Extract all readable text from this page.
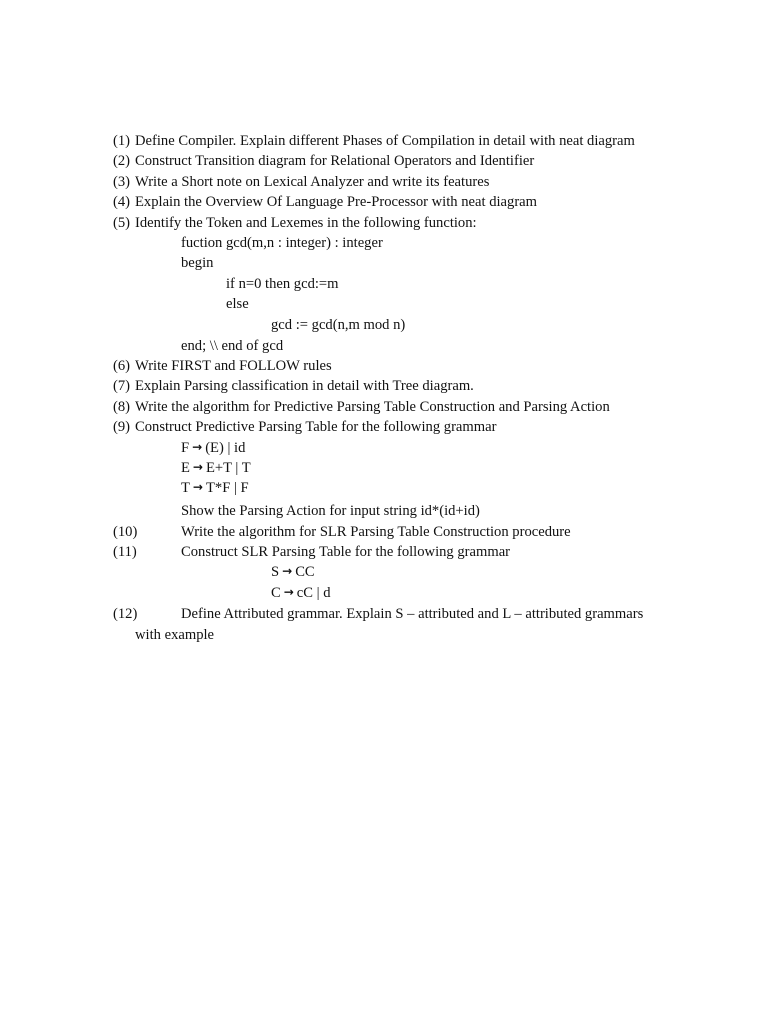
(1) Define Compiler. Explain different Phases of Compilation in detail with neat diagram
(2) Construct Transition diagram for Relational Operators and Identifier
(3) Write a Short note on Lexical Analyzer and write its features
(4) Explain the Overview Of Language Pre-Processor with neat diagram
(5) Identify the Token and Lexemes in the following function:
fuction gcd(m,n : integer) : integer
begin
if n=0 then gcd:=m
else
gcd := gcd(n,m mod n)
end; \\ end of gcd
(6) Write FIRST and FOLLOW rules
(7) Explain Parsing classification in detail with Tree diagram.
(8) Write the algorithm for Predictive Parsing Table Construction and Parsing Action
(9) Construct Predictive Parsing Table for the following grammar
F → (E) | id
E → E+T | T
T → T*F | F
Show the Parsing Action for input string id*(id+id)
(10)	Write the algorithm for SLR Parsing Table Construction procedure
(11)	Construct SLR Parsing Table for the following grammar
S → CC
C → cC | d
(12)	Define Attributed grammar. Explain S – attributed and L – attributed grammars
with example
